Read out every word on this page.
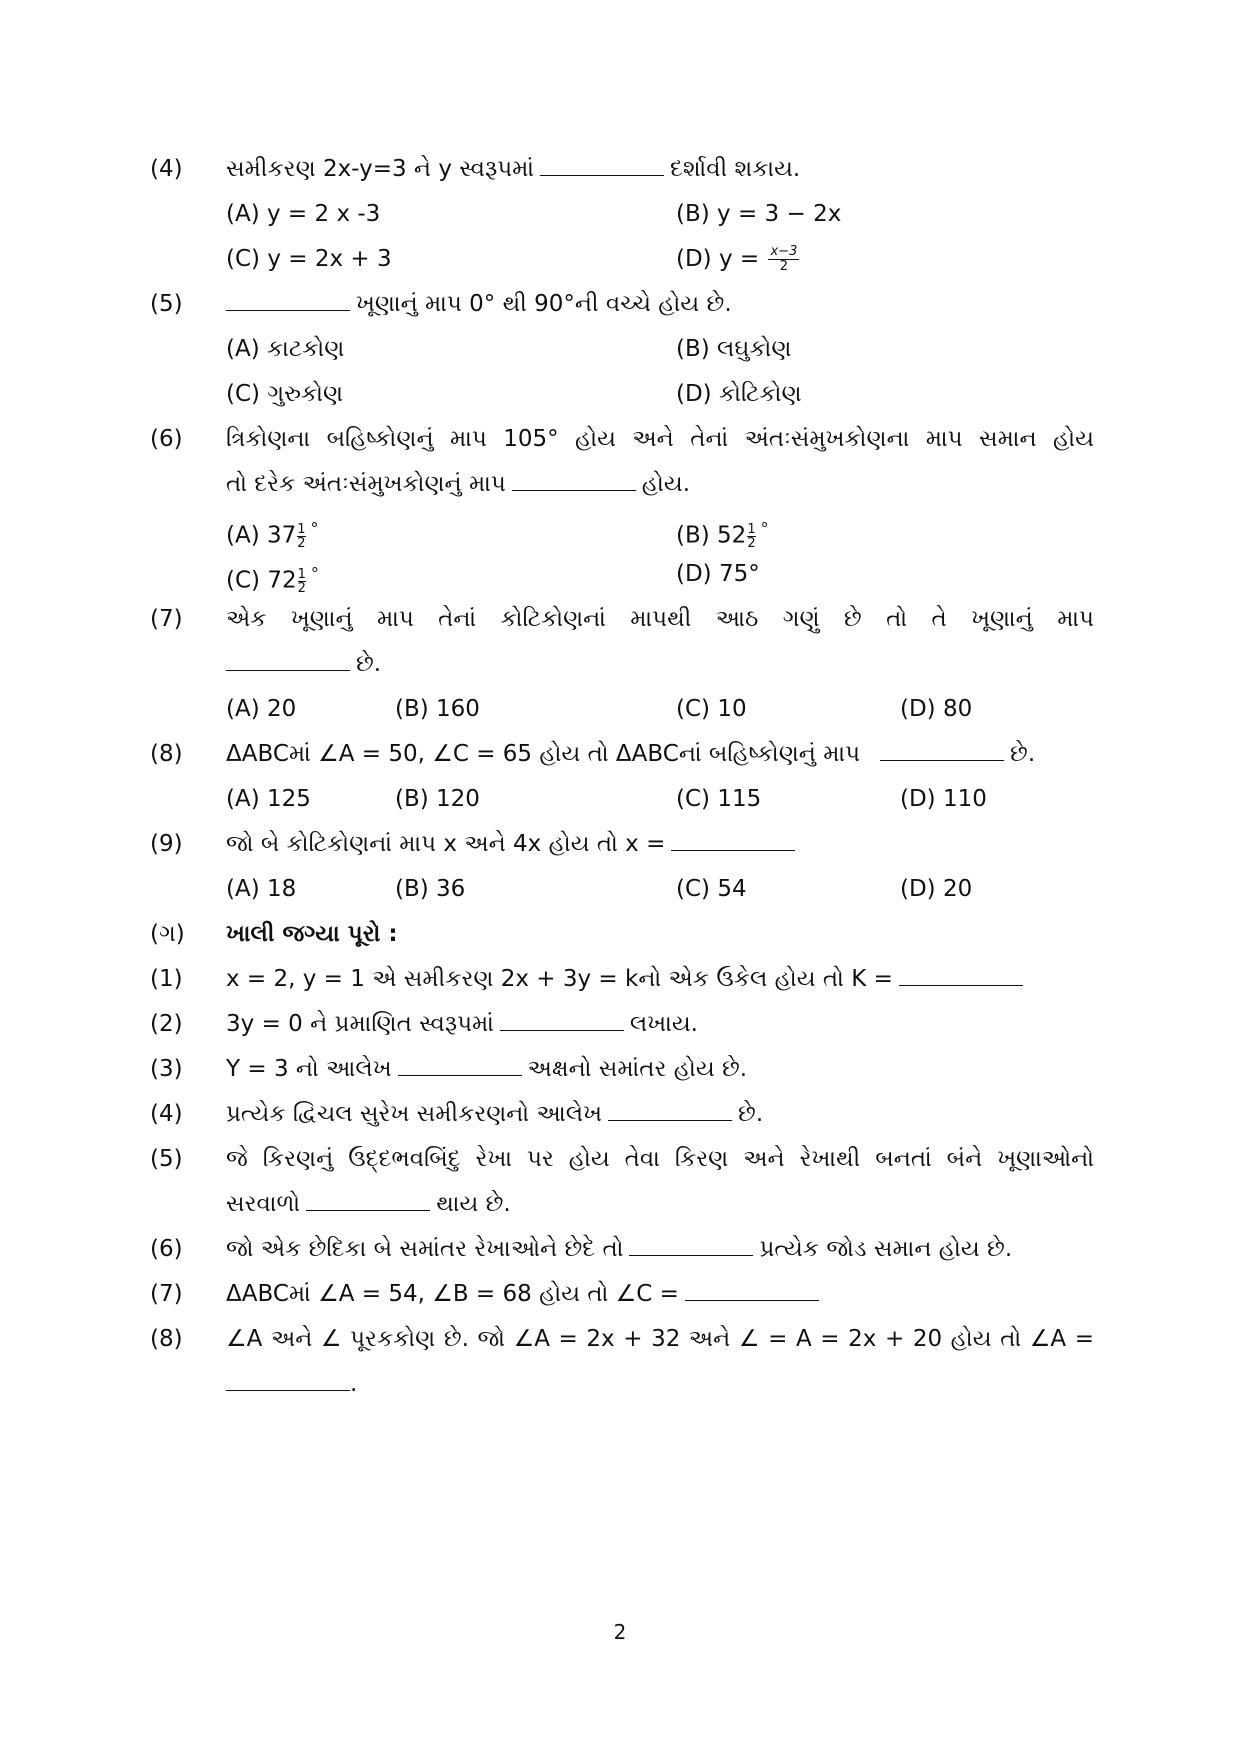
(4)	સમીકરણ 2x-y=3 ને y સ્વરૂપમાં	દર્શાવી શકાય.
(A) y = 2 x -3	(B) y = 3 − 2x
(C) y = 2x + 3	(D) $y = \frac{x-3}{2}$
(5)	ખૂણાનું માપ 0° થી 90°ની વચ્ચે હોય છે.
(A) કાટકોણ	(B) લઘુકોણ
(C) ગુરુકોણ	(D) કોટિકોણ
(6)	ત્રિકોણના બહિષ્કોણનું માપ 105° હોય અને તેનાં અંતઃસંમુખકોણના માપ સમાન હોય
તો દરેક અંતઃસંમુખકોણનું માપ	હોય.
(A) $37 \frac{1}{2} ^\circ$	(B) $52 \frac{1}{2} ^\circ$
(C) $72 \frac{1}{2} ^\circ$	(D) 75°
(7)	એક ખૂણાનું માપ તેનાં કોટિકોણનાં માપથી આઠ ગણું છે તો તે ખૂણાનું માપ
છે.
(A) 20	(B) 160	(C) 10	(D) 80
(8)	ΔABCમાં ∠A = 50, ∠C = 65 હોય તો ΔABCનાં બહિષ્કોણનું માપ	છે.
(A) 125	(B) 120	(C) 115	(D) 110
(9)	જો બે કોટિકોણનાં માપ x અને 4x હોય તો x =
(A) 18	(B) 36	(C) 54	(D) 20
(ગ)	ખાલી જગ્યા પૂરો :
(1)	x = 2, y = 1 એ સમીકરણ 2x + 3y = kનો એક ઉકેલ હોય તો K =
(2)	3y = 0 ને પ્રમાણિત સ્વરૂપમાં	લખાય.
(3)	Y = 3 નો આલેખ	અક્ષનો સમાંતર હોય છે.
(4)	પ્રત્યેક દ્વિચલ સુરેખ સમીકરણનો આલેખ	છે.
(5)	જે કિરણનું ઉદ્દભવબિંદુ રેખા પર હોય તેવા કિરણ અને રેખાથી બનતાં બંને ખૂણાઓનો
સરવાળો	થાય છે.
(6)	જો એક છેદિકા બે સમાંતર રેખાઓને છેદે તો	પ્રત્યેક જોડ સમાન હોય છે.
(7)	ΔABCમાં ∠A = 54, ∠B = 68 હોય તો ∠C =
(8)	∠A અને ∠ પૂરકકોણ છે. જો ∠A = 2x + 32 અને ∠ = A = 2x + 20 હોય તો ∠A =
.
2
